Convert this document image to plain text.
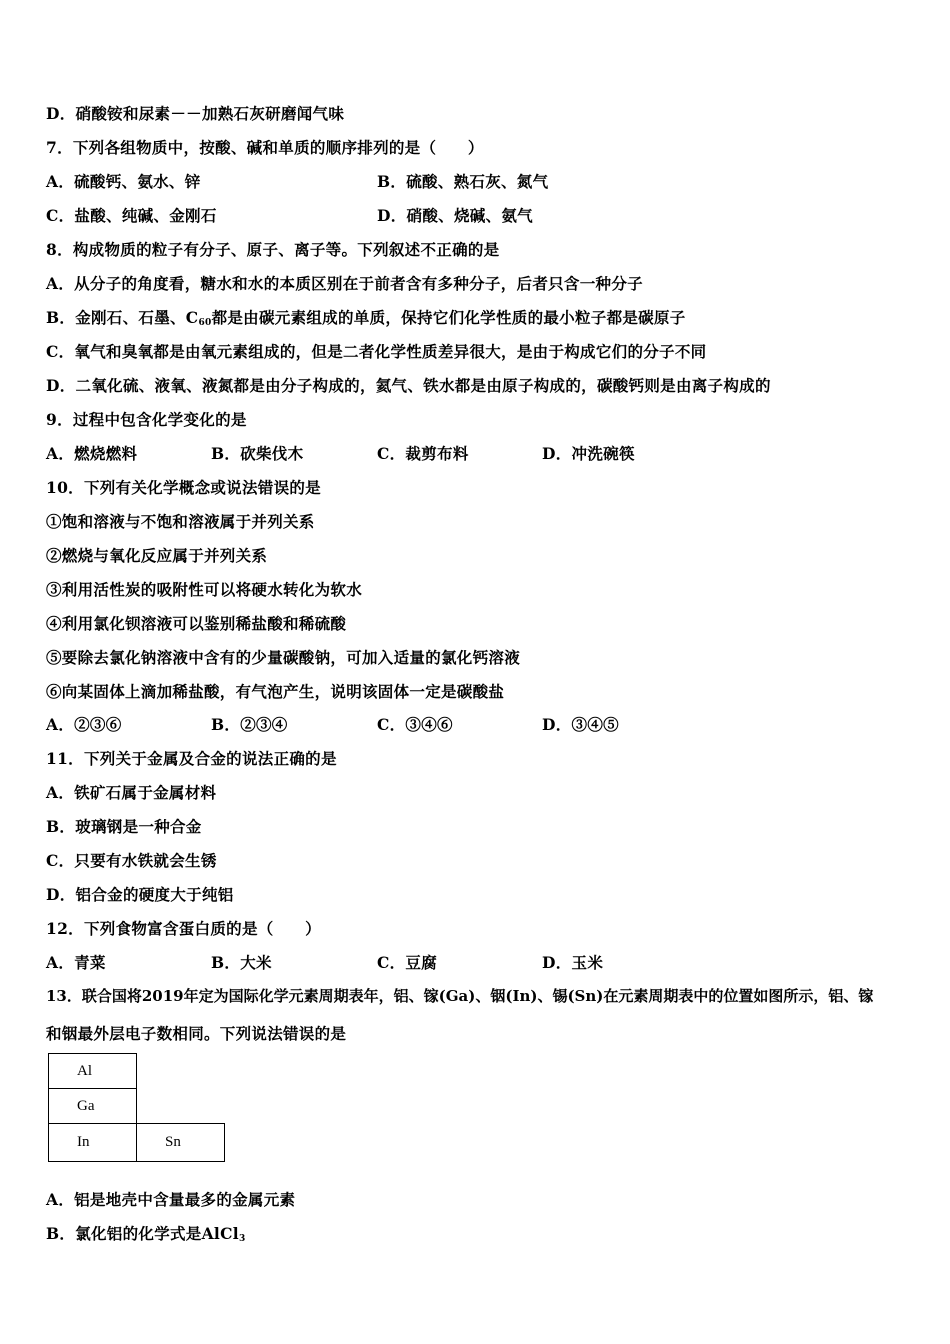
D．硝酸铵和尿素－－加熟石灰研磨闻气味
7．下列各组物质中，按酸、碱和单质的顺序排列的是（　　）
A．硫酸钙、氨水、锌	B．硫酸、熟石灰、氮气
C．盐酸、纯碱、金刚石	D．硝酸、烧碱、氨气
8．构成物质的粒子有分子、原子、离子等。下列叙述不正确的是
A．从分子的角度看，糖水和水的本质区别在于前者含有多种分子，后者只含一种分子
B．金刚石、石墨、$C_{60}$都是由碳元素组成的单质，保持它们化学性质的最小粒子都是碳原子
C．氧气和臭氧都是由氧元素组成的，但是二者化学性质差异很大，是由于构成它们的分子不同
D．二氧化硫、液氧、液氮都是由分子构成的，氦气、铁水都是由原子构成的，碳酸钙则是由离子构成的
9．过程中包含化学变化的是
A．燃烧燃料	B．砍柴伐木	C．裁剪布料	D．冲洗碗筷
10．下列有关化学概念或说法错误的是
①饱和溶液与不饱和溶液属于并列关系
②燃烧与氧化反应属于并列关系
③利用活性炭的吸附性可以将硬水转化为软水
④利用氯化钡溶液可以鉴别稀盐酸和稀硫酸
⑤要除去氯化钠溶液中含有的少量碳酸钠，可加入适量的氯化钙溶液
⑥向某固体上滴加稀盐酸，有气泡产生，说明该固体一定是碳酸盐
A．②③⑥	B．②③④	C．③④⑥	D．③④⑤
11．下列关于金属及合金的说法正确的是
A．铁矿石属于金属材料
B．玻璃钢是一种合金
C．只要有水铁就会生锈
D．铝合金的硬度大于纯铝
12．下列食物富含蛋白质的是（　　）
A．青菜	B．大米	C．豆腐	D．玉米
13．联合国将2019年定为国际化学元素周期表年，铝、镓(Ga)、铟(In)、锡(Sn)在元素周期表中的位置如图所示，铝、镓
和铟最外层电子数相同。下列说法错误的是
Al	
Ga	
In	Sn
A．铝是地壳中含量最多的金属元素
B．氯化铝的化学式是AlCl$_3$
